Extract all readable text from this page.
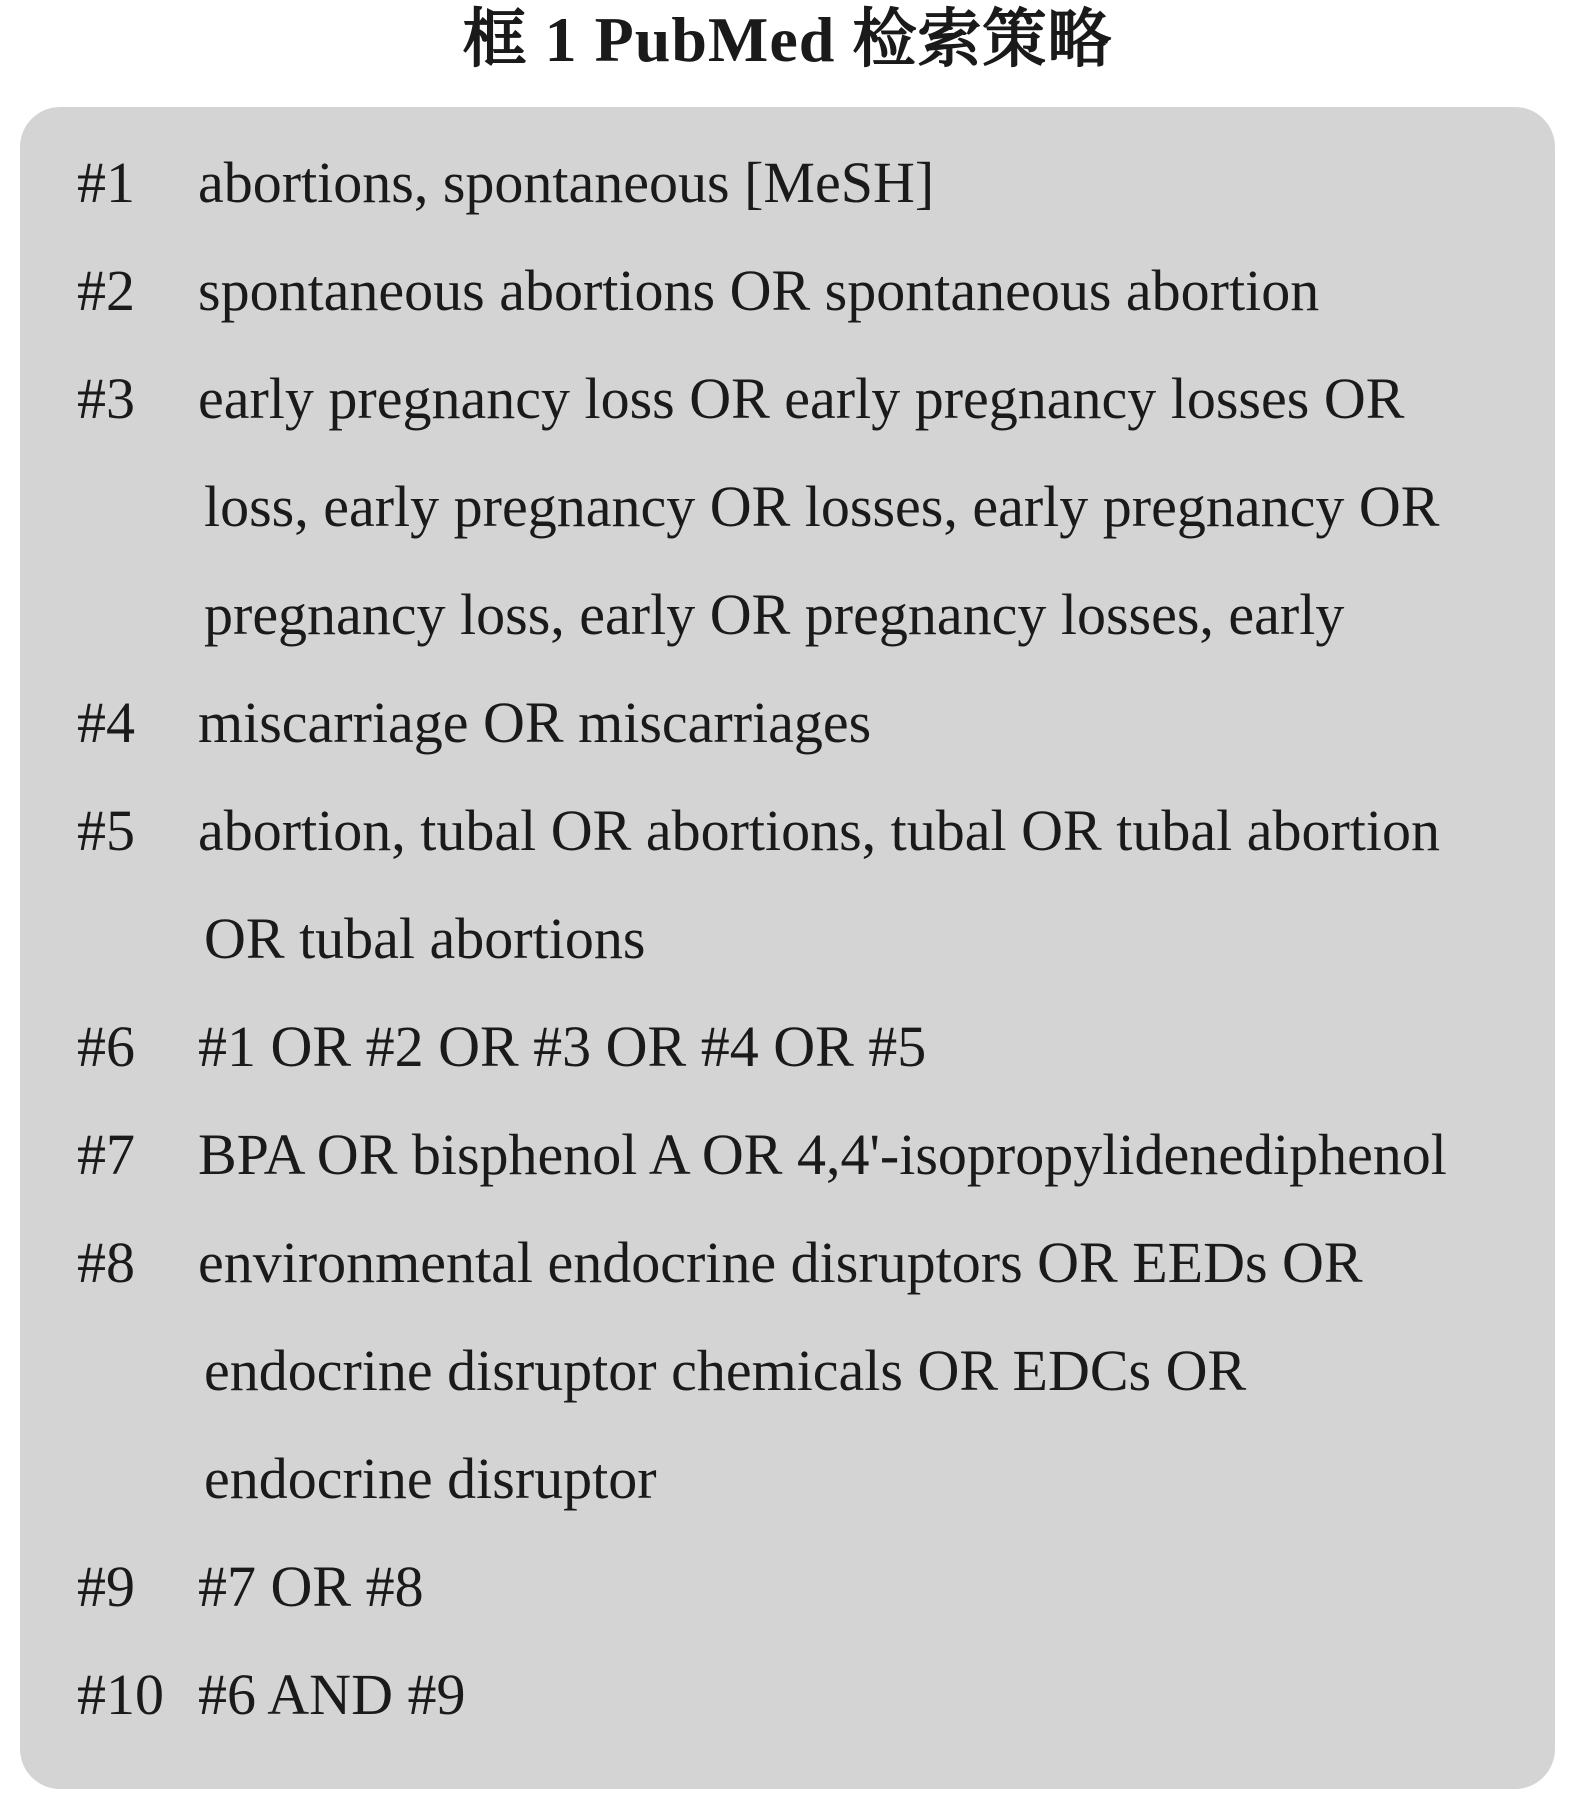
框 1 PubMed 检索策略
#1 abortions, spontaneous [MeSH]
#2 spontaneous abortions OR spontaneous abortion
#3 early pregnancy loss OR early pregnancy losses OR
loss, early pregnancy OR losses, early pregnancy OR
pregnancy loss, early OR pregnancy losses, early
#4 miscarriage OR miscarriages
#5 abortion, tubal OR abortions, tubal OR tubal abortion
OR tubal abortions
#6 #1 OR #2 OR #3 OR #4 OR #5
#7 BPA OR bisphenol A OR 4,4'-isopropylidenediphenol
#8 environmental endocrine disruptors OR EEDs OR
endocrine disruptor chemicals OR EDCs OR
endocrine disruptor
#9 #7 OR #8
#10 #6 AND #9
